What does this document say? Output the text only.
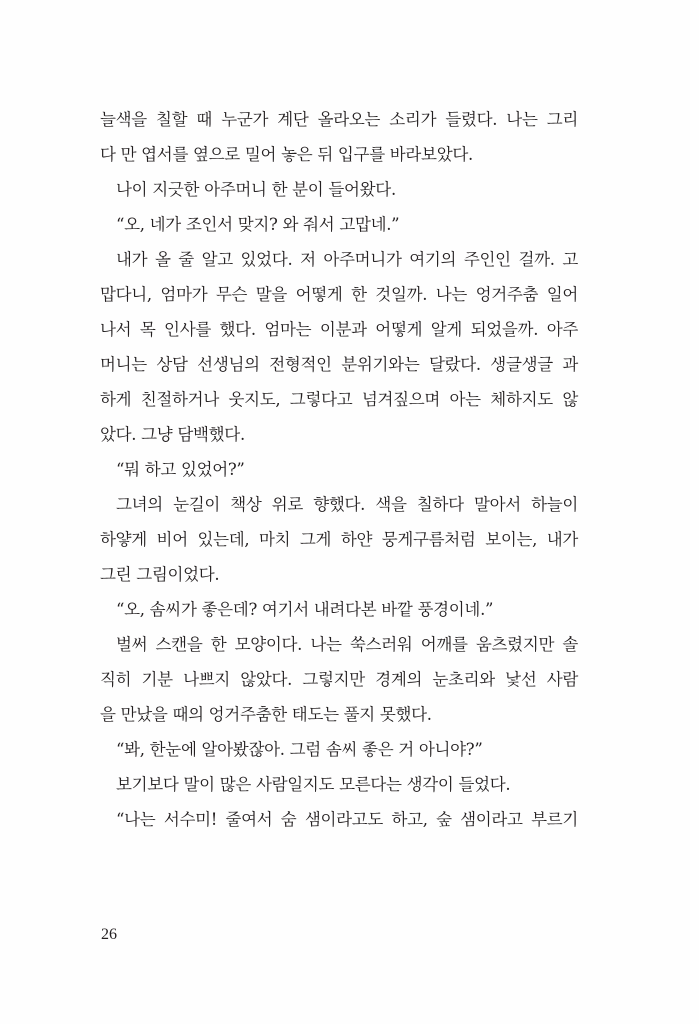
늘색을 칠할 때 누군가 계단 올라오는 소리가 들렸다. 나는 그리
다 만 엽서를 옆으로 밀어 놓은 뒤 입구를 바라보았다.
나이 지긋한 아주머니 한 분이 들어왔다.
“오, 네가 조인서 맞지? 와 줘서 고맙네.”
내가 올 줄 알고 있었다. 저 아주머니가 여기의 주인인 걸까. 고
맙다니, 엄마가 무슨 말을 어떻게 한 것일까. 나는 엉거주춤 일어
나서 목 인사를 했다. 엄마는 이분과 어떻게 알게 되었을까. 아주
머니는 상담 선생님의 전형적인 분위기와는 달랐다. 생글생글 과
하게 친절하거나 웃지도, 그렇다고 넘겨짚으며 아는 체하지도 않
았다. 그냥 담백했다.
“뭐 하고 있었어?”
그녀의 눈길이 책상 위로 향했다. 색을 칠하다 말아서 하늘이
하얗게 비어 있는데, 마치 그게 하얀 뭉게구름처럼 보이는, 내가
그린 그림이었다.
“오, 솜씨가 좋은데? 여기서 내려다본 바깥 풍경이네.”
벌써 스캔을 한 모양이다. 나는 쑥스러워 어깨를 움츠렸지만 솔
직히 기분 나쁘지 않았다. 그렇지만 경계의 눈초리와 낯선 사람
을 만났을 때의 엉거주춤한 태도는 풀지 못했다.
“봐, 한눈에 알아봤잖아. 그럼 솜씨 좋은 거 아니야?”
보기보다 말이 많은 사람일지도 모른다는 생각이 들었다.
“나는 서수미! 줄여서 숨 샘이라고도 하고, 숲 샘이라고 부르기
26
